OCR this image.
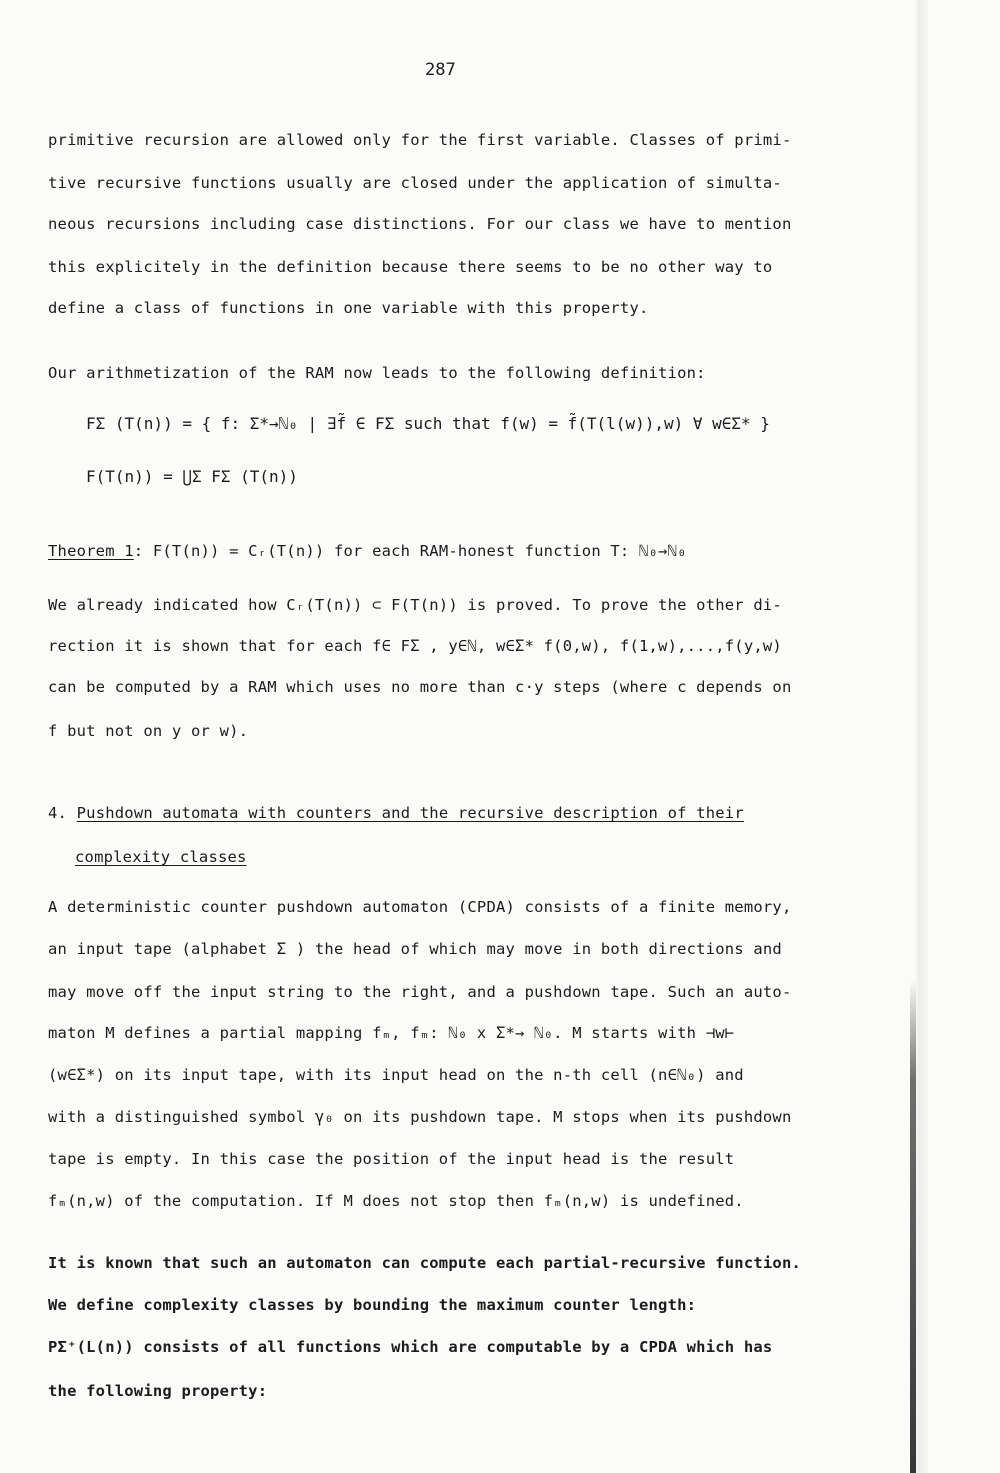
287
primitive recursion are allowed only for the first variable. Classes of primi-
tive recursive functions usually are closed under the application of simulta-
neous recursions including case distinctions. For our class we have to mention
this explicitely in the definition because there seems to be no other way to
define a class of functions in one variable with this property.
Our arithmetization of the RAM now leads to the following definition:
FΣ (T(n)) = { f: Σ*→ℕ₀ | ∃f̃ ∈ FΣ such that f(w) = f̃(T(l(w)),w) ∀ w∈Σ* }
F(T(n)) = ⋃Σ FΣ (T(n))
Theorem 1: F(T(n)) = Cᵣ(T(n)) for each RAM-honest function T: ℕ₀→ℕ₀
We already indicated how Cᵣ(T(n)) ⊂ F(T(n)) is proved. To prove the other di-
rection it is shown that for each f∈ FΣ , y∈ℕ, w∈Σ* f(0,w), f(1,w),...,f(y,w)
can be computed by a RAM which uses no more than c·y steps (where c depends on
f but not on y or w).
4. Pushdown automata with counters and the recursive description of their
complexity classes
A deterministic counter pushdown automaton (CPDA) consists of a finite memory,
an input tape (alphabet Σ ) the head of which may move in both directions and
may move off the input string to the right, and a pushdown tape. Such an auto-
maton M defines a partial mapping fₘ, fₘ: ℕ₀ x Σ*→ ℕ₀. M starts with ⊣w⊢
(w∈Σ*) on its input tape, with its input head on the n-th cell (n∈ℕ₀) and
with a distinguished symbol γ₀ on its pushdown tape. M stops when its pushdown
tape is empty. In this case the position of the input head is the result
fₘ(n,w) of the computation. If M does not stop then fₘ(n,w) is undefined.
It is known that such an automaton can compute each partial-recursive function.
We define complexity classes by bounding the maximum counter length:
PΣ⁺(L(n)) consists of all functions which are computable by a CPDA which has
the following property:
